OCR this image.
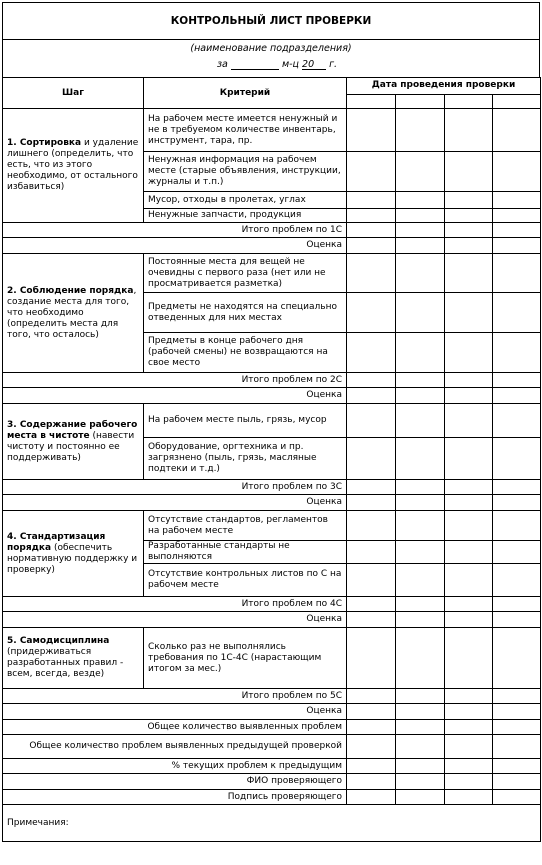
КОНТРОЛЬНЫЙ ЛИСТ ПРОВЕРКИ
(наименование подразделения)
за	м-ц 20 г.
Шаг	Критерий	Дата проведения проверки			

1. Сортировка и удаление лишнего (определить, что есть, что из этого необходимо, от остального избавиться)	На рабочем месте имеется ненужный и не в требуемом количестве инвентарь, инструмент, тара, пр.				
	Ненужная информация на рабочем месте (старые объявления, инструкции, журналы и т.п.)				
	Мусор, отходы в пролетах, углах				
	Ненужные запчасти, продукция				
Итого проблем по 1С					
Оценка					
2. Соблюдение порядка, создание места для того, что необходимо (определить места для того, что осталось)	Постоянные места для вещей не очевидны с первого раза (нет или не просматривается разметка)				
	Предметы не находятся на специально отведенных для них местах				
	Предметы в конце рабочего дня (рабочей смены) не возвращаются на свое место				
Итого проблем по 2С					
Оценка					
3. Содержание рабочего места в чистоте (навести чистоту и постоянно ее поддерживать)	На рабочем месте пыль, грязь, мусор				
	Оборудование, оргтехника и пр. загрязнено (пыль, грязь, масляные подтеки и т.д.)				
Итого проблем по 3С					
Оценка					
4. Стандартизация порядка (обеспечить нормативную поддержку и проверку)	Отсутствие стандартов, регламентов на рабочем месте				
	Разработанные стандарты не выполняются				
	Отсутствие контрольных листов по С на рабочем месте				
Итого проблем по 4С					
Оценка					
5. Самодисциплина (придерживаться разработанных правил - всем, всегда, везде)	Сколько раз не выполнялись требования по 1С-4С (нарастающим итогом за мес.)				
Итого проблем по 5С					
Оценка					
Общее количество выявленных проблем					
Общее количество проблем выявленных предыдущей проверкой					
% текущих проблем к предыдущим					
ФИО проверяющего					
Подпись проверяющего					
Примечания:					
